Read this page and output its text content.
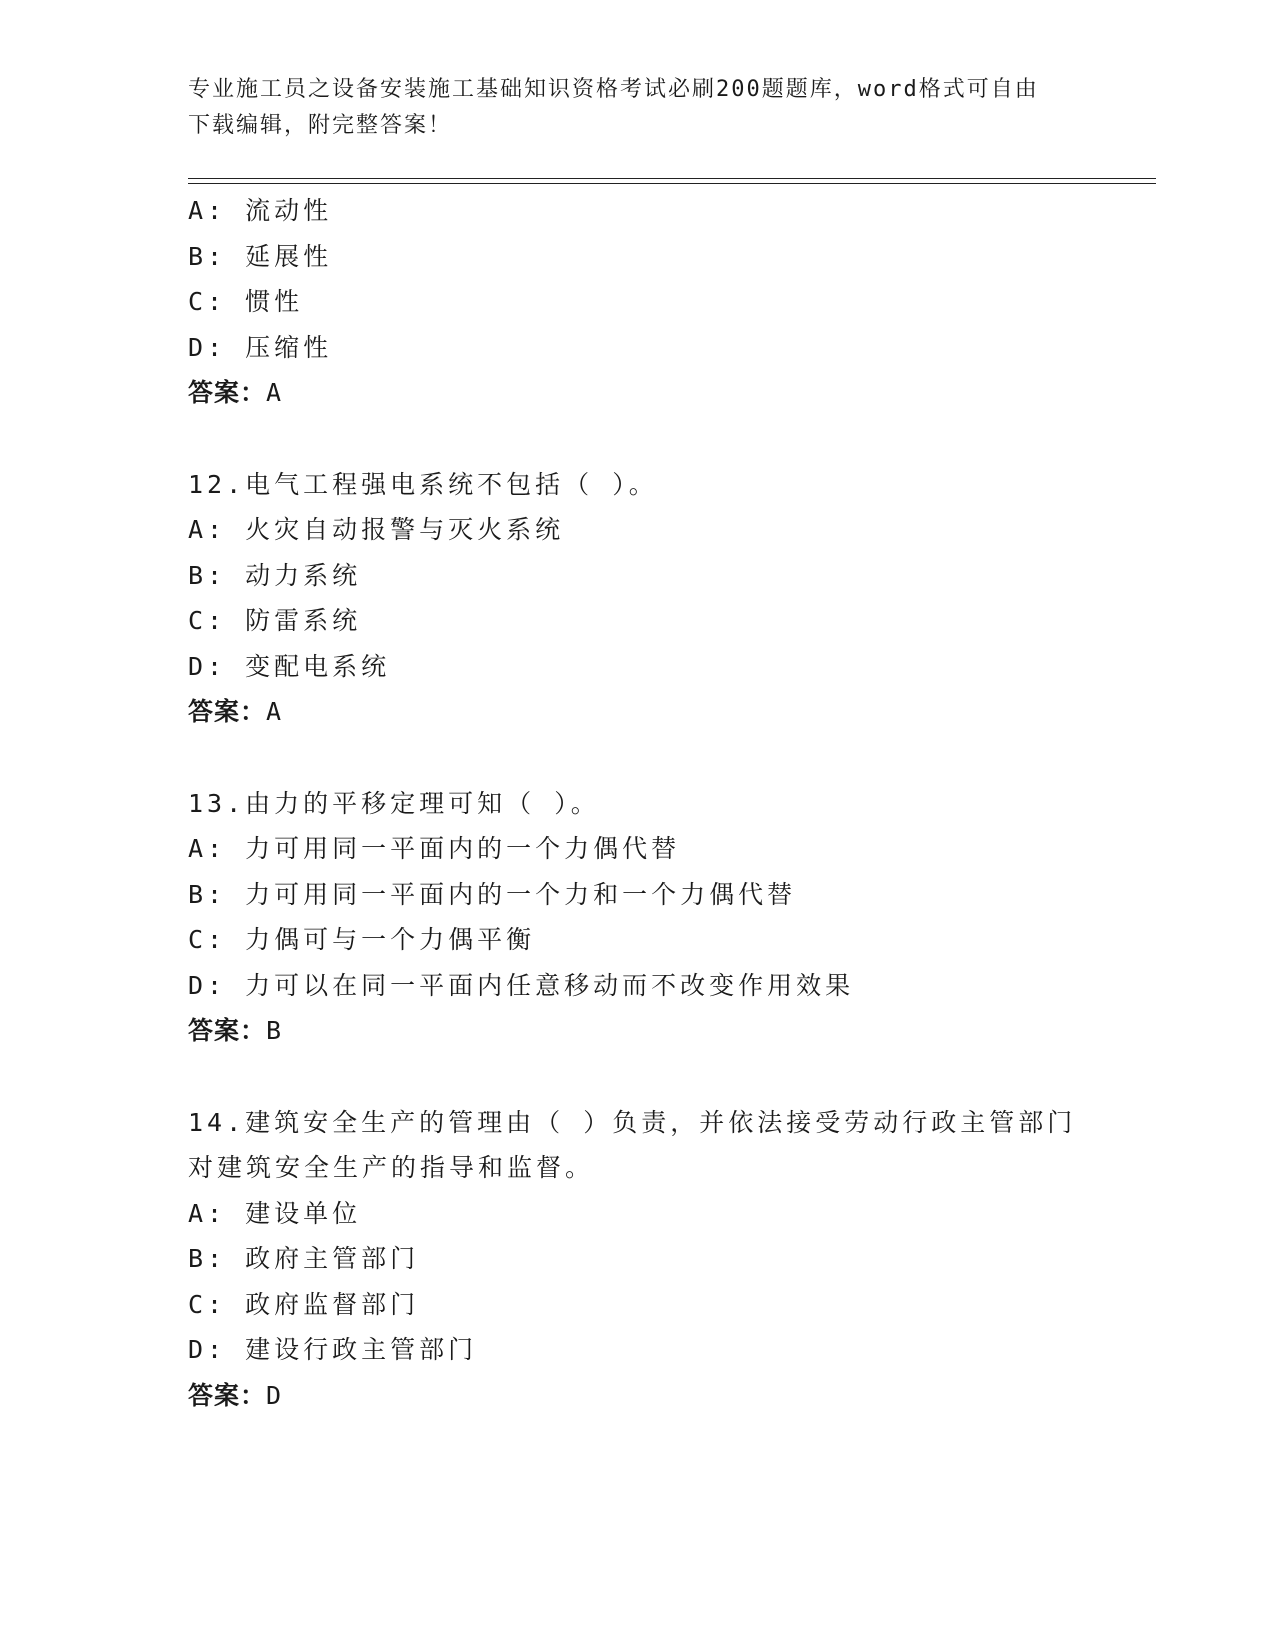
专业施工员之设备安装施工基础知识资格考试必刷200题题库，word格式可自由
下载编辑，附完整答案！
A: 流动性
B: 延展性
C: 惯性
D: 压缩性
答案：A
12.电气工程强电系统不包括（ ）。
A: 火灾自动报警与灭火系统
B: 动力系统
C: 防雷系统
D: 变配电系统
答案：A
13.由力的平移定理可知（ ）。
A: 力可用同一平面内的一个力偶代替
B: 力可用同一平面内的一个力和一个力偶代替
C: 力偶可与一个力偶平衡
D: 力可以在同一平面内任意移动而不改变作用效果
答案：B
14.建筑安全生产的管理由（ ）负责，并依法接受劳动行政主管部门
对建筑安全生产的指导和监督。
A: 建设单位
B: 政府主管部门
C: 政府监督部门
D: 建设行政主管部门
答案：D
